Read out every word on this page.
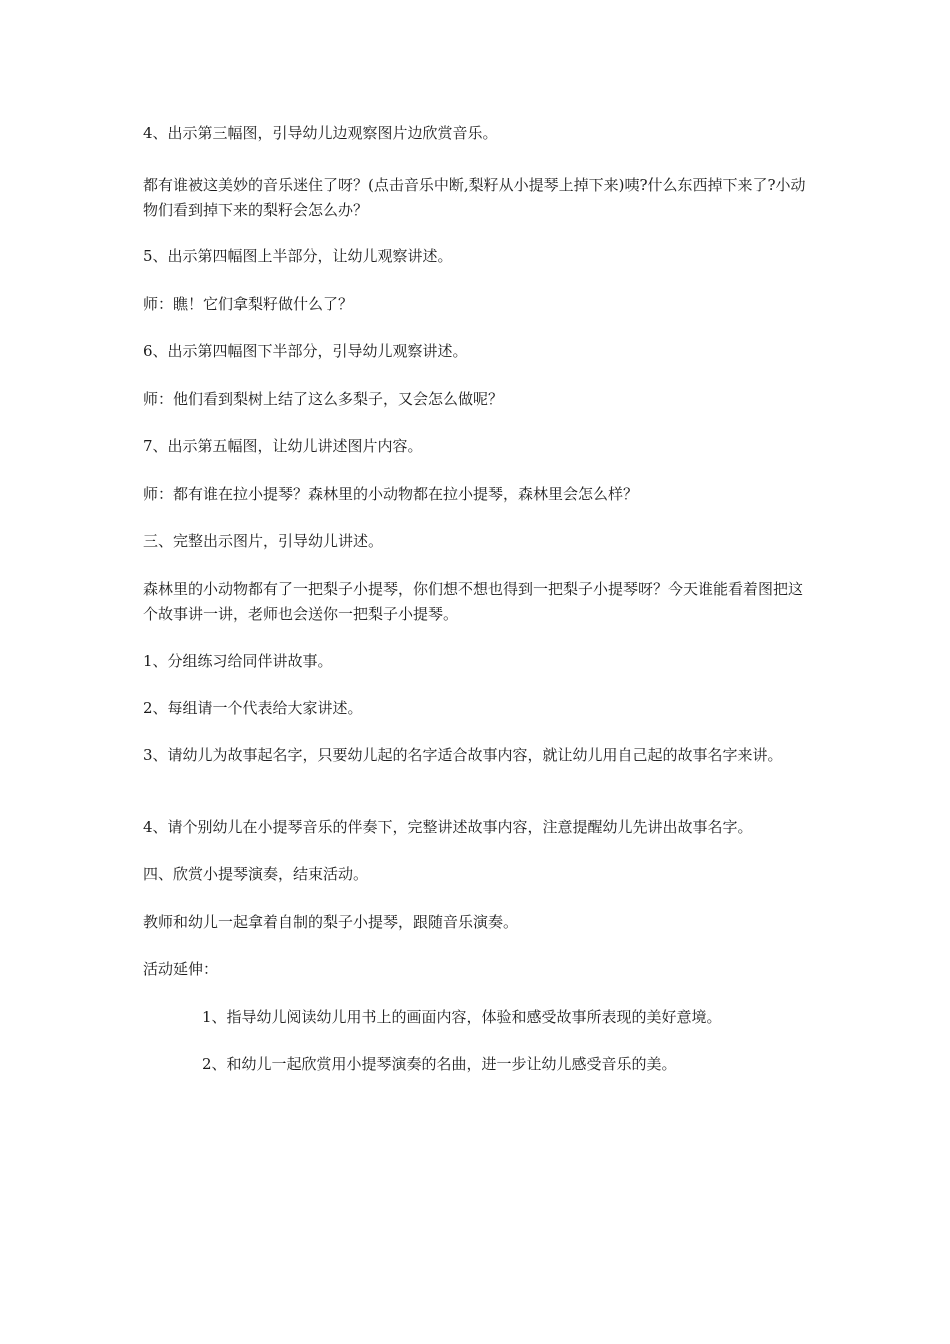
4、出示第三幅图，引导幼儿边观察图片边欣赏音乐。

都有谁被这美妙的音乐迷住了呀？(点击音乐中断,梨籽从小提琴上掉下来)咦?什么东西掉下来了?小动物们看到掉下来的梨籽会怎么办？

5、出示第四幅图上半部分，让幼儿观察讲述。

师：瞧！它们拿梨籽做什么了？

6、出示第四幅图下半部分，引导幼儿观察讲述。

师：他们看到梨树上结了这么多梨子，又会怎么做呢？

7、出示第五幅图，让幼儿讲述图片内容。

师：都有谁在拉小提琴？森林里的小动物都在拉小提琴，森林里会怎么样？

三、完整出示图片，引导幼儿讲述。

森林里的小动物都有了一把梨子小提琴，你们想不想也得到一把梨子小提琴呀？今天谁能看着图把这个故事讲一讲，老师也会送你一把梨子小提琴。

1、分组练习给同伴讲故事。

2、每组请一个代表给大家讲述。

3、请幼儿为故事起名字，只要幼儿起的名字适合故事内容，就让幼儿用自己起的故事名字来讲。

4、请个别幼儿在小提琴音乐的伴奏下，完整讲述故事内容，注意提醒幼儿先讲出故事名字。

四、欣赏小提琴演奏，结束活动。

教师和幼儿一起拿着自制的梨子小提琴，跟随音乐演奏。

活动延伸：

1、指导幼儿阅读幼儿用书上的画面内容，体验和感受故事所表现的美好意境。

2、和幼儿一起欣赏用小提琴演奏的名曲，进一步让幼儿感受音乐的美。
